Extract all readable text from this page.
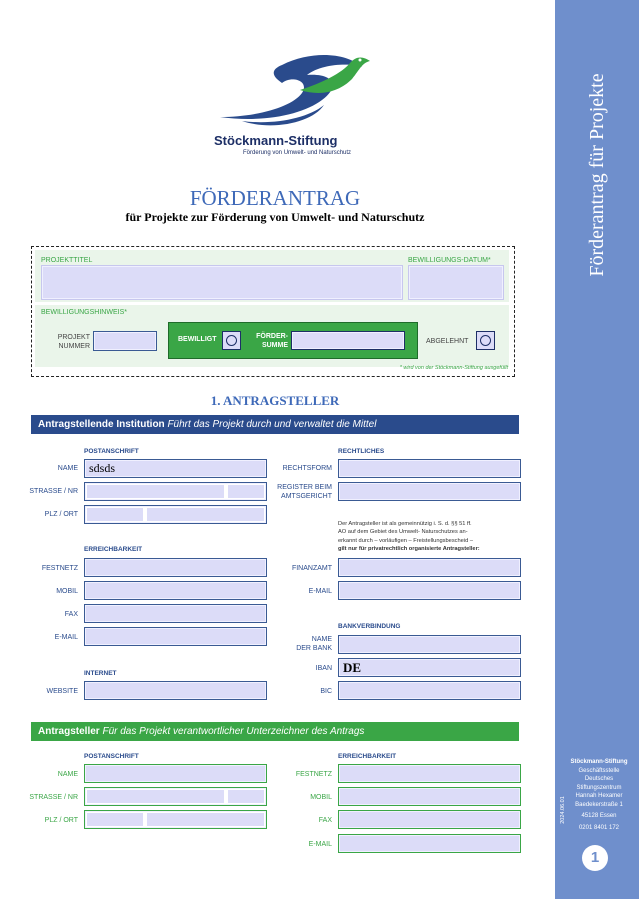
Förderantrag für Projekte
2024.06.01
Stöckmann-Stiftung
Geschäftsstelle
Deutsches
Stiftungszentrum
Hannah Hexamer
Baedekerstraße 1
45128 Essen
0201 8401 172
1
Stöckmann-Stiftung
Förderung von Umwelt- und Naturschutz
FÖRDERANTRAG
für Projekte zur Förderung von Umwelt- und Naturschutz
PROJEKTTITEL	BEWILLIGUNGS-DATUM*
BEWILLIGUNGSHINWEIS*
PROJEKT
NUMMER
BEWILLIGT	FÖRDER-
SUMME
ABGELEHNT
* wird von der Stöckmann-Stiftung ausgefüllt
1. ANTRAGSTELLER
Antragstellende Institution Führt das Projekt durch und verwaltet die Mittel
POSTANSCHRIFT	RECHTLICHES
NAME sdsds
STRASSE / NR
PLZ / ORT
RECHTSFORM
REGISTER BEIM
AMTSGERICHT
Der Antragsteller ist als gemeinnützig i. S. d. §§ 51 ff.
AO auf dem Gebiet des Umwelt- Naturschutzes an-
erkannt durch – vorläufigen – Freistellungsbescheid –
gilt nur für privatrechtlich organisierte Antragsteller:
ERREICHBARKEIT
FESTNETZ
MOBIL
FAX
E-MAIL
FINANZAMT
E-MAIL
BANKVERBINDUNG
NAME
DER BANK
IBAN DE
BIC
INTERNET
WEBSITE
Antragsteller Für das Projekt verantwortlicher Unterzeichner des Antrags
POSTANSCHRIFT	ERREICHBARKEIT
NAME
STRASSE / NR
PLZ / ORT
FESTNETZ
MOBIL
FAX
E-MAIL
